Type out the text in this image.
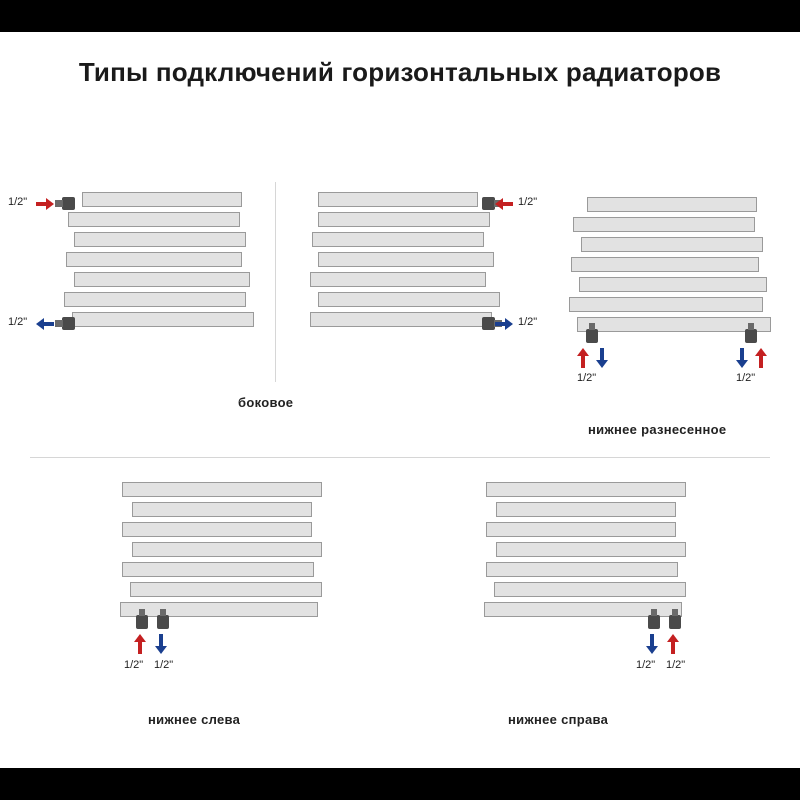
Типы подключений горизонтальных радиаторов
1/2"
1/2"
боковое
1/2"
1/2"
1/2"	1/2"
нижнее разнесенное
1/2" 1/2"
нижнее слева
1/2" 1/2"
нижнее справа
